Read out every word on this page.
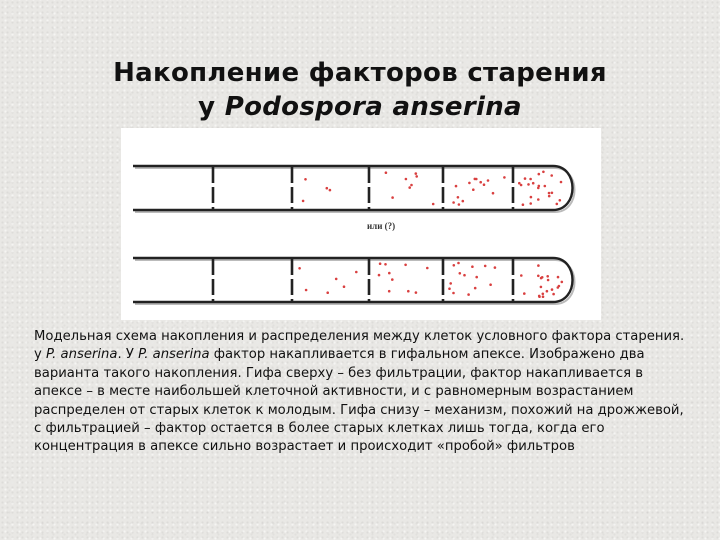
Накопление факторов старения
у Podospora anserina
или (?)
Модельная схема накопления и распределения между клеток условного фактора старения. у P. anserina. У P. anserina фактор накапливается в гифальном апексе. Изображено два варианта такого накопления. Гифа сверху – без фильтрации, фактор накапливается в апексе – в месте наибольшей клеточной активности, и с равномерным возрастанием распределен от старых клеток к молодым. Гифа снизу – механизм, похожий на дрожжевой, с фильтрацией – фактор остается в более старых клетках лишь тогда, когда его концентрация в апексе сильно возрастает и происходит «пробой» фильтров
